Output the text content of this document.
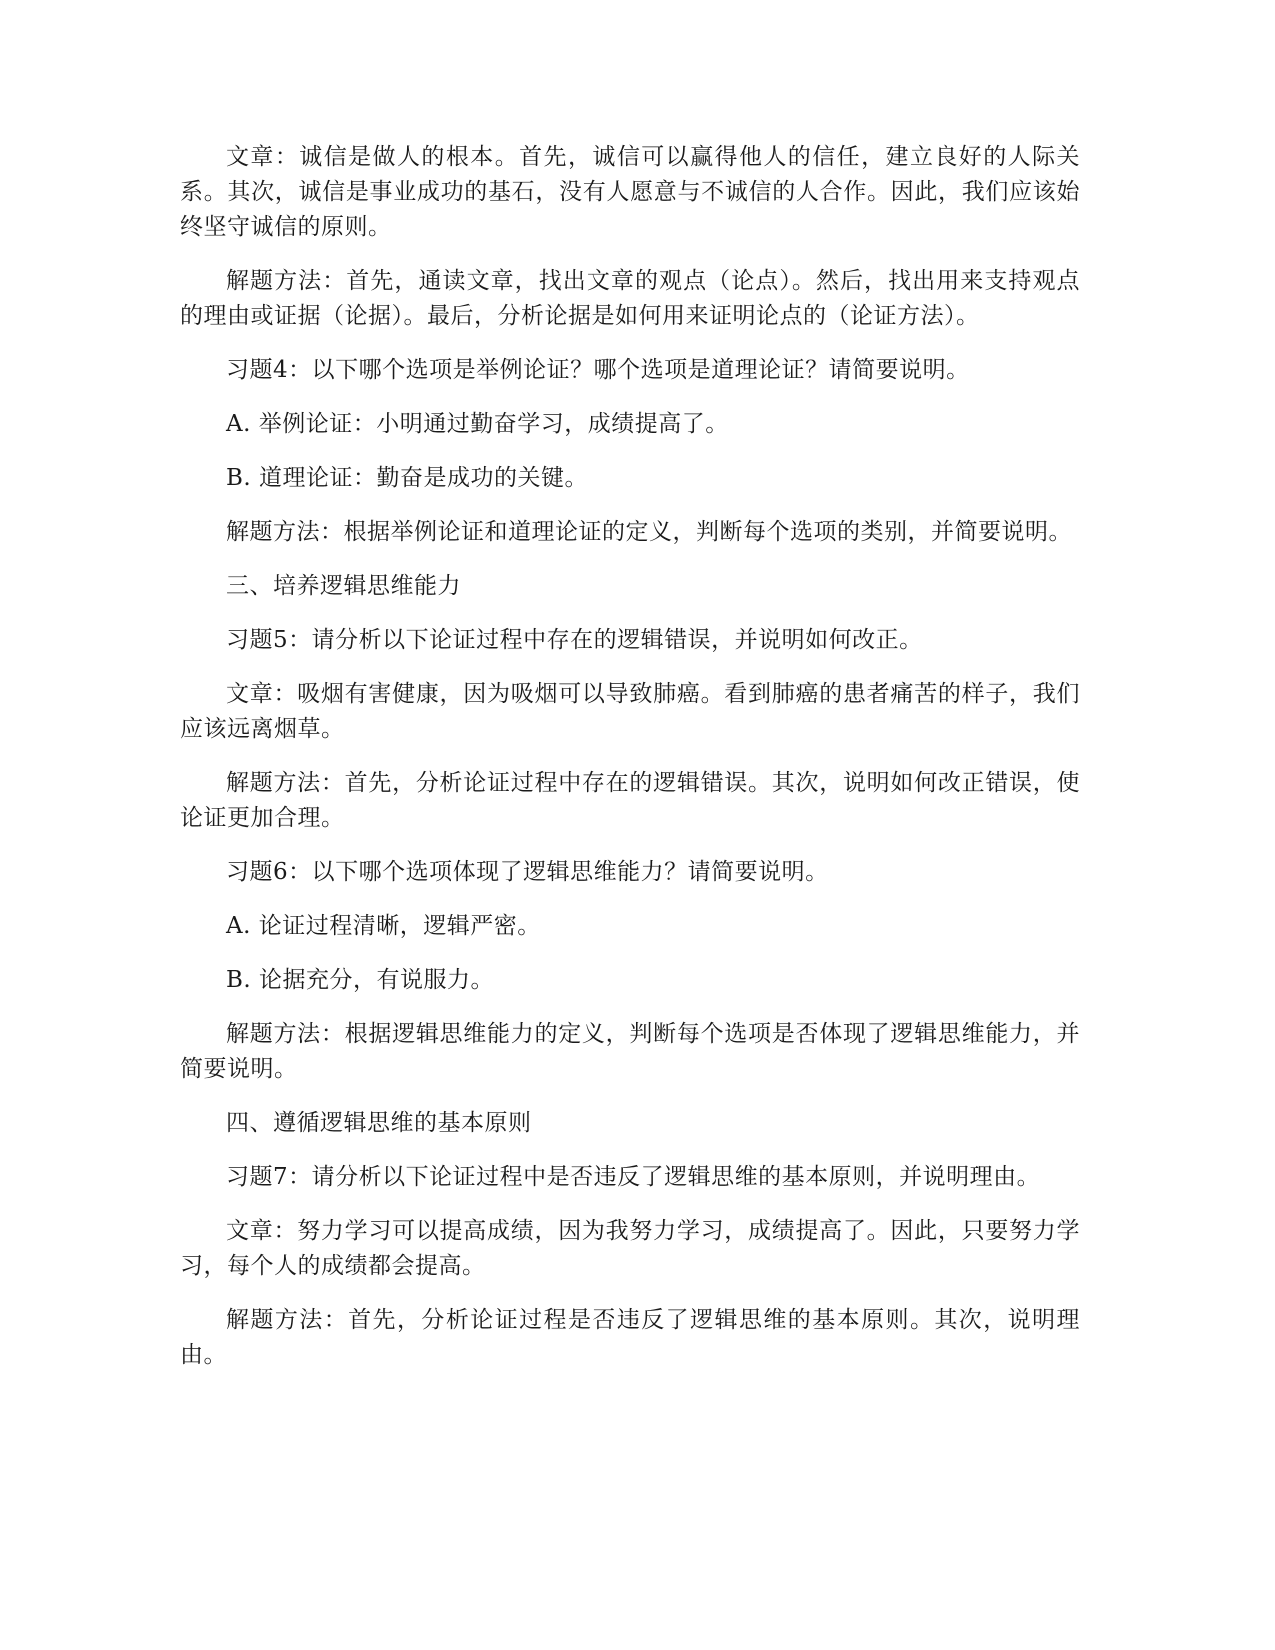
文章：诚信是做人的根本。首先，诚信可以赢得他人的信任，建立良好的人际关系。其次，诚信是事业成功的基石，没有人愿意与不诚信的人合作。因此，我们应该始终坚守诚信的原则。

解题方法：首先，通读文章，找出文章的观点（论点）。然后，找出用来支持观点的理由或证据（论据）。最后，分析论据是如何用来证明论点的（论证方法）。

习题4：以下哪个选项是举例论证？哪个选项是道理论证？请简要说明。

A. 举例论证：小明通过勤奋学习，成绩提高了。

B. 道理论证：勤奋是成功的关键。

解题方法：根据举例论证和道理论证的定义，判断每个选项的类别，并简要说明。

三、培养逻辑思维能力

习题5：请分析以下论证过程中存在的逻辑错误，并说明如何改正。

文章：吸烟有害健康，因为吸烟可以导致肺癌。看到肺癌的患者痛苦的样子，我们应该远离烟草。

解题方法：首先，分析论证过程中存在的逻辑错误。其次，说明如何改正错误，使论证更加合理。

习题6：以下哪个选项体现了逻辑思维能力？请简要说明。

A. 论证过程清晰，逻辑严密。

B. 论据充分，有说服力。

解题方法：根据逻辑思维能力的定义，判断每个选项是否体现了逻辑思维能力，并简要说明。

四、遵循逻辑思维的基本原则

习题7：请分析以下论证过程中是否违反了逻辑思维的基本原则，并说明理由。

文章：努力学习可以提高成绩，因为我努力学习，成绩提高了。因此，只要努力学习，每个人的成绩都会提高。

解题方法：首先，分析论证过程是否违反了逻辑思维的基本原则。其次，说明理由。
